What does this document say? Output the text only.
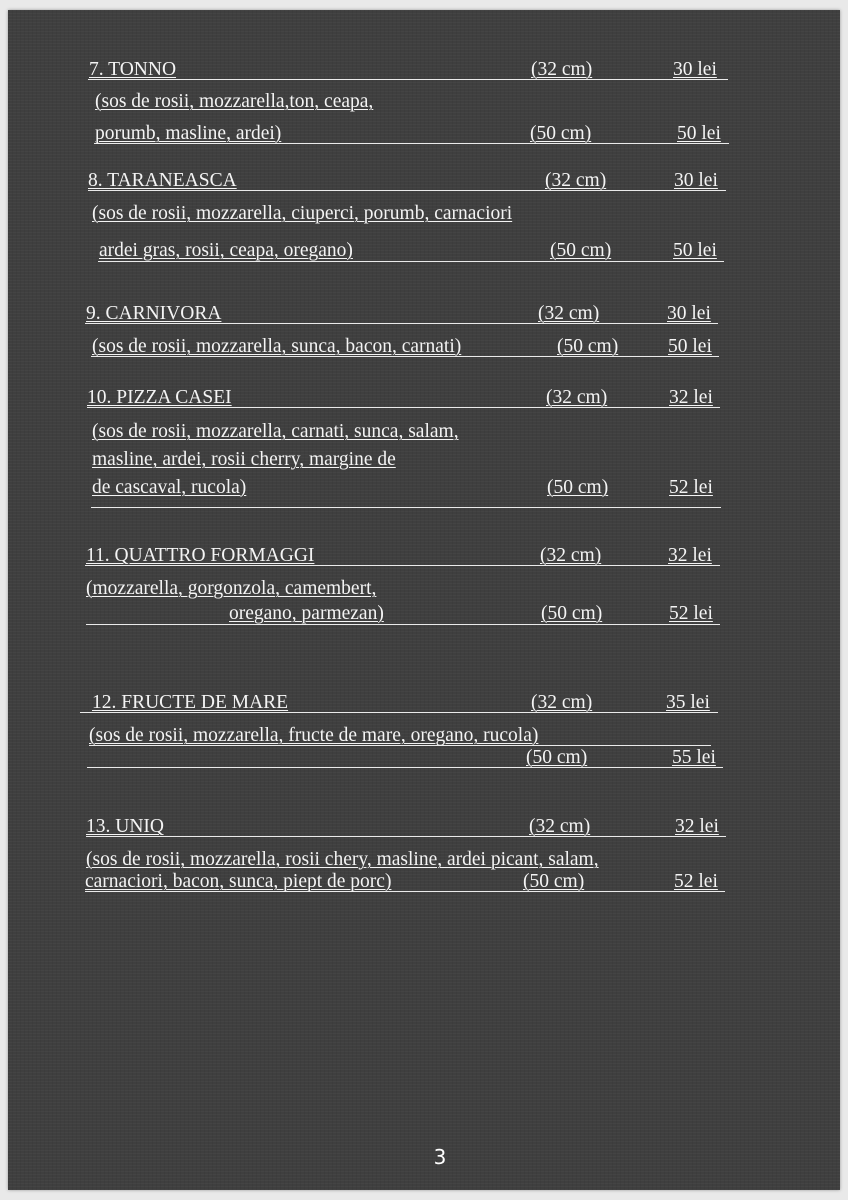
7. TONNO	(32 cm)	30 lei
(sos de rosii, mozzarella,ton, ceapa,
porumb, masline, ardei)	(50 cm)	50 lei
8. TARANEASCA	(32 cm)	30 lei
(sos de rosii, mozzarella, ciuperci, porumb, carnaciori
ardei gras, rosii, ceapa, oregano)	(50 cm)	50 lei
9. CARNIVORA	(32 cm)	30 lei
(sos de rosii, mozzarella, sunca, bacon, carnati)	(50 cm)	50 lei
10. PIZZA CASEI	(32 cm)	32 lei
(sos de rosii, mozzarella, carnati, sunca, salam,
masline, ardei, rosii cherry, margine de
de cascaval, rucola)	(50 cm)	52 lei
11. QUATTRO FORMAGGI	(32 cm)	32 lei
(mozzarella, gorgonzola, camembert,
oregano, parmezan)	(50 cm)	52 lei
12. FRUCTE DE MARE	(32 cm)	35 lei
(sos de rosii, mozzarella, fructe de mare, oregano, rucola)
(50 cm)	55 lei
13. UNIQ	(32 cm)	32 lei
(sos de rosii, mozzarella, rosii chery, masline, ardei picant, salam,
carnaciori, bacon, sunca, piept de porc)	(50 cm)	52 lei
3
